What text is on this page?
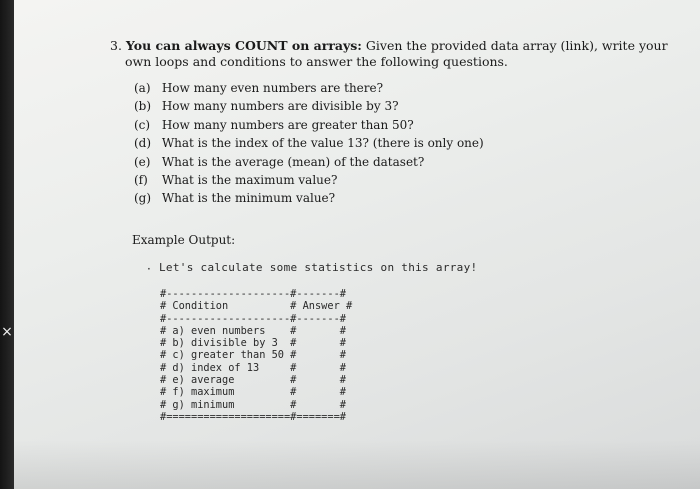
×
3. You can always COUNT on arrays: Given the provided data array (link), write your
own loops and conditions to answer the following questions.
(a) How many even numbers are there?
(b) How many numbers are divisible by 3?
(c) How many numbers are greater than 50?
(d) What is the index of the value 13? (there is only one)
(e) What is the average (mean) of the dataset?
(f) What is the maximum value?
(g) What is the minimum value?
Example Output:
· Let's calculate some statistics on this array!
#--------------------#-------#
# Condition          # Answer #
#--------------------#-------#
# a) even numbers    #       #
# b) divisible by 3  #       #
# c) greater than 50 #       #
# d) index of 13     #       #
# e) average         #       #
# f) maximum         #       #
# g) minimum         #       #
#====================#=======#
